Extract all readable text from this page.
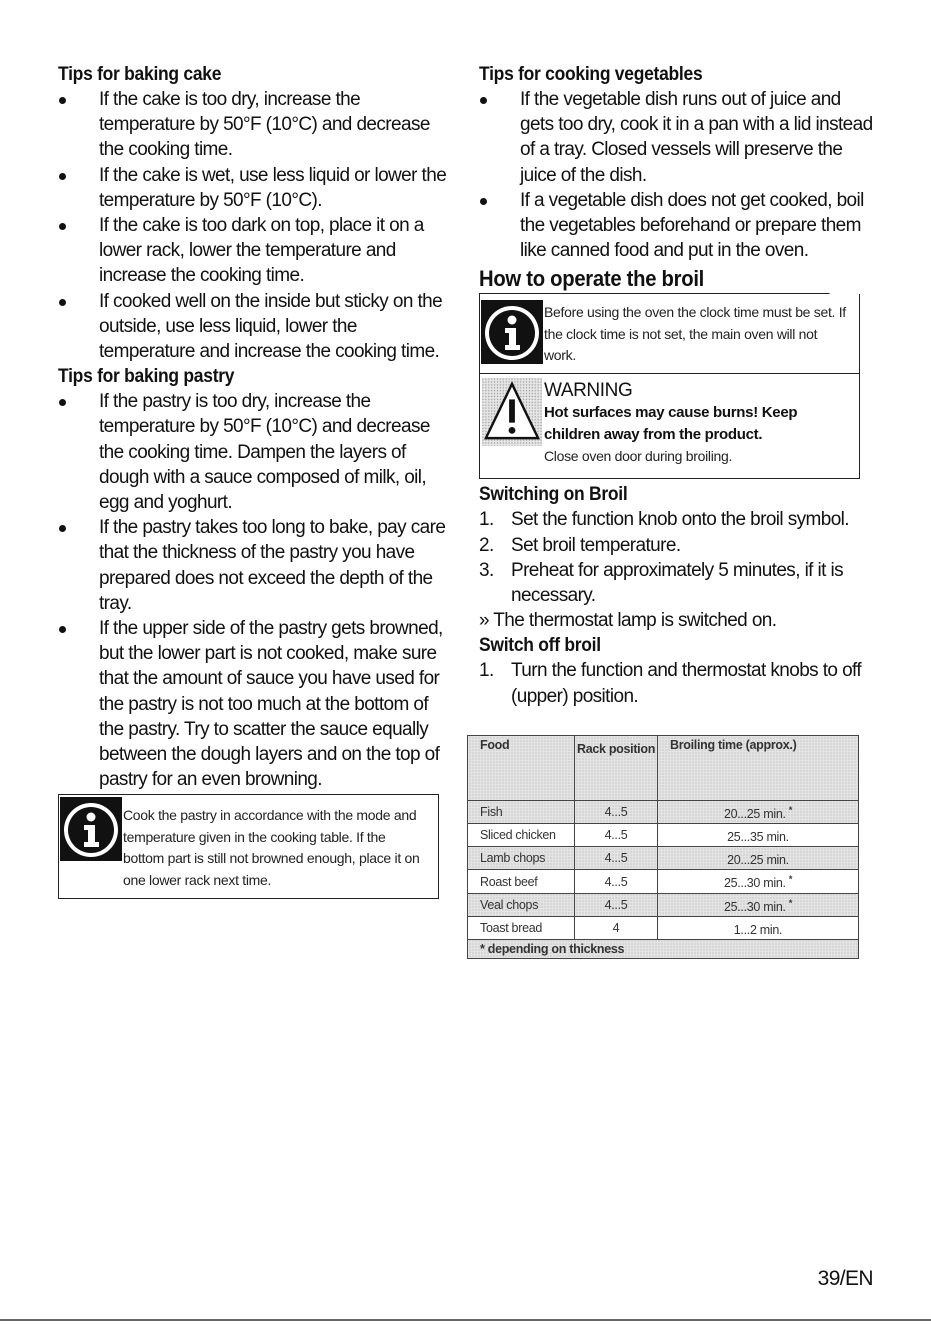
Tips for baking cake
If the cake is too dry, increase the temperature by 50°F (10°C) and decrease the cooking time.
If the cake is wet, use less liquid or lower the temperature by 50°F (10°C).
If the cake is too dark on top, place it on a lower rack, lower the temperature and increase the cooking time.
If cooked well on the inside but sticky on the outside, use less liquid, lower the temperature and increase the cooking time.
Tips for baking pastry
If the pastry is too dry, increase the temperature by 50°F (10°C) and decrease the cooking time. Dampen the layers of dough with a sauce composed of milk, oil, egg and yoghurt.
If the pastry takes too long to bake, pay care that the thickness of the pastry you have prepared does not exceed the depth of the tray.
If the upper side of the pastry gets browned, but the lower part is not cooked, make sure that the amount of sauce you have used for the pastry is not too much at the bottom of the pastry. Try to scatter the sauce equally between the dough layers and on the top of pastry for an even browning.
Cook the pastry in accordance with the mode and temperature given in the cooking table. If the bottom part is still not browned enough, place it on one lower rack next time.
Tips for cooking vegetables
If the vegetable dish runs out of juice and gets too dry, cook it in a pan with a lid instead of a tray. Closed vessels will preserve the juice of the dish.
If a vegetable dish does not get cooked, boil the vegetables beforehand or prepare them like canned food and put in the oven.
How to operate the broil
Before using the oven the clock time must be set. If the clock time is not set, the main oven will not work.
WARNING
Hot surfaces may cause burns! Keep children away from the product.
Close oven door during broiling.
Switching on Broil
1. Set the function knob onto the broil symbol.
2. Set broil temperature.
3. Preheat for approximately 5 minutes, if it is necessary.

» The thermostat lamp is switched on.

Switch off broil
1. Turn the function and thermostat knobs to off (upper) position.
Food	Rack position	Broiling time (approx.)
Fish	4...5	20...25 min. *
Sliced chicken	4...5	25...35 min.
Lamb chops	4...5	20...25 min.
Roast beef	4...5	25...30 min. *
Veal chops	4...5	25...30 min. *
Toast bread	4	1...2 min.
* depending on thickness		
39/EN
